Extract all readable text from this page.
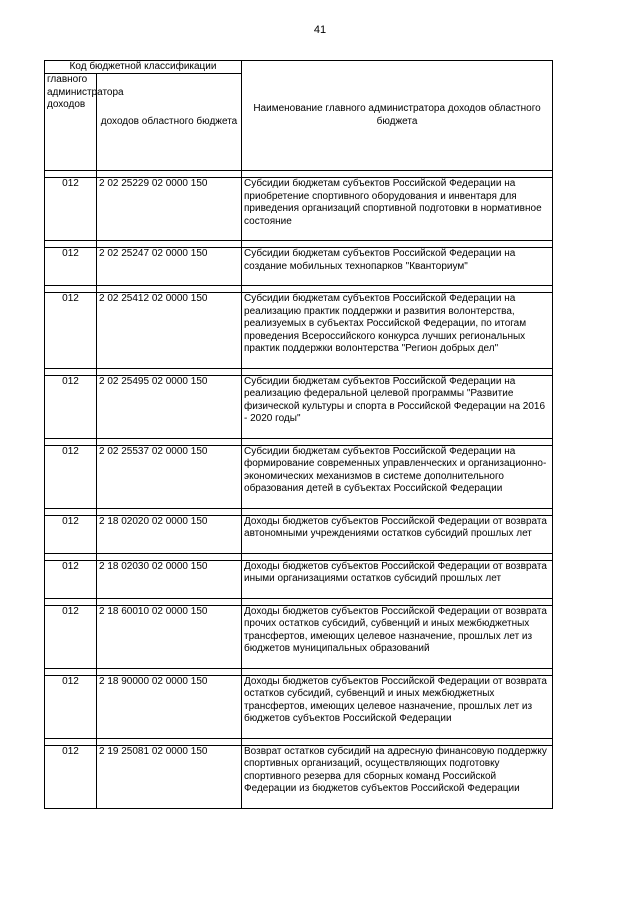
41
Код бюджетной классификации		Наименование главного администратора доходов областного бюджета
главного администратора доходов	доходов областного бюджета	

012	2 02 25229 02 0000 150	Субсидии бюджетам субъектов Российской Федерации на приобретение спортивного оборудования и инвентаря для приведения организаций спортивной подготовки в нормативное состояние

012	2 02 25247 02 0000 150	Субсидии бюджетам субъектов Российской Федерации на создание мобильных технопарков "Кванториум"

012	2 02 25412 02 0000 150	Субсидии бюджетам субъектов Российской Федерации на реализацию практик поддержки и развития волонтерства, реализуемых в субъектах Российской Федерации, по итогам проведения Всероссийского конкурса лучших региональных практик поддержки волонтерства "Регион добрых дел"

012	2 02 25495 02 0000 150	Субсидии бюджетам субъектов Российской Федерации на реализацию федеральной целевой программы "Развитие физической культуры и спорта в Российской Федерации на 2016 - 2020 годы"

012	2 02 25537 02 0000 150	Субсидии бюджетам субъектов Российской Федерации на формирование современных управленческих и организационно-экономических механизмов в системе дополнительного образования детей в субъектах Российской Федерации

012	2 18 02020 02 0000 150	Доходы бюджетов субъектов Российской Федерации от возврата автономными учреждениями остатков субсидий прошлых лет

012	2 18 02030 02 0000 150	Доходы бюджетов субъектов Российской Федерации от возврата иными организациями остатков субсидий прошлых лет

012	2 18 60010 02 0000 150	Доходы бюджетов субъектов Российской Федерации от возврата прочих остатков субсидий, субвенций и иных межбюджетных трансфертов, имеющих целевое назначение, прошлых лет из бюджетов муниципальных образований

012	2 18 90000 02 0000 150	Доходы бюджетов субъектов Российской Федерации от возврата остатков субсидий, субвенций и иных межбюджетных трансфертов, имеющих целевое назначение, прошлых лет из бюджетов субъектов Российской Федерации

012	2 19 25081 02 0000 150	Возврат остатков субсидий на адресную финансовую поддержку спортивных организаций, осуществляющих подготовку спортивного резерва для сборных команд Российской Федерации из бюджетов субъектов Российской Федерации
